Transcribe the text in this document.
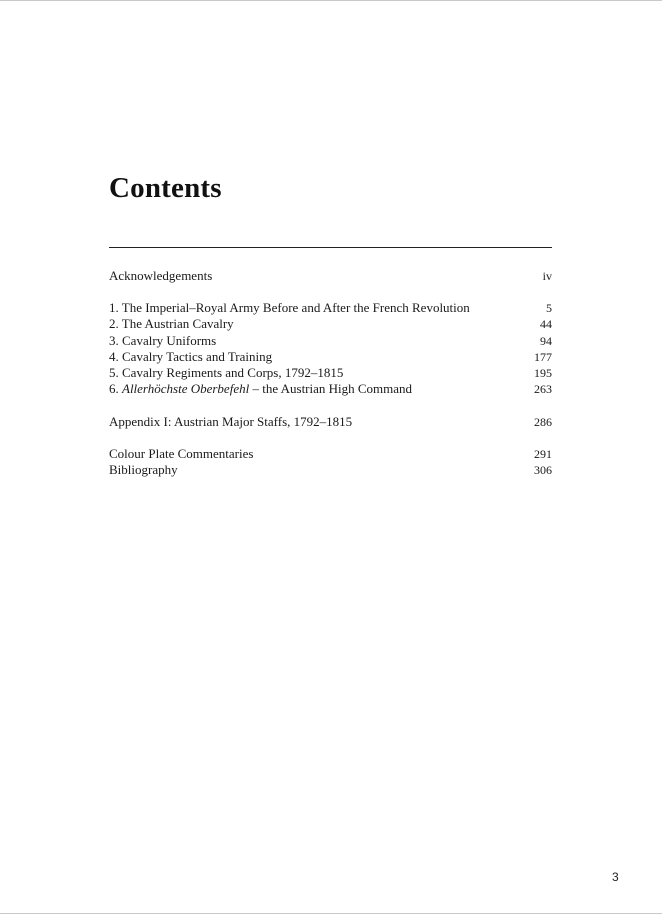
Contents
Acknowledgements	iv
1. The Imperial–Royal Army Before and After the French Revolution	5
2. The Austrian Cavalry	44
3. Cavalry Uniforms	94
4. Cavalry Tactics and Training	177
5. Cavalry Regiments and Corps, 1792–1815	195
6. Allerhöchste Oberbefehl – the Austrian High Command	263
Appendix I: Austrian Major Staffs, 1792–1815	286
Colour Plate Commentaries	291
Bibliography	306
3
